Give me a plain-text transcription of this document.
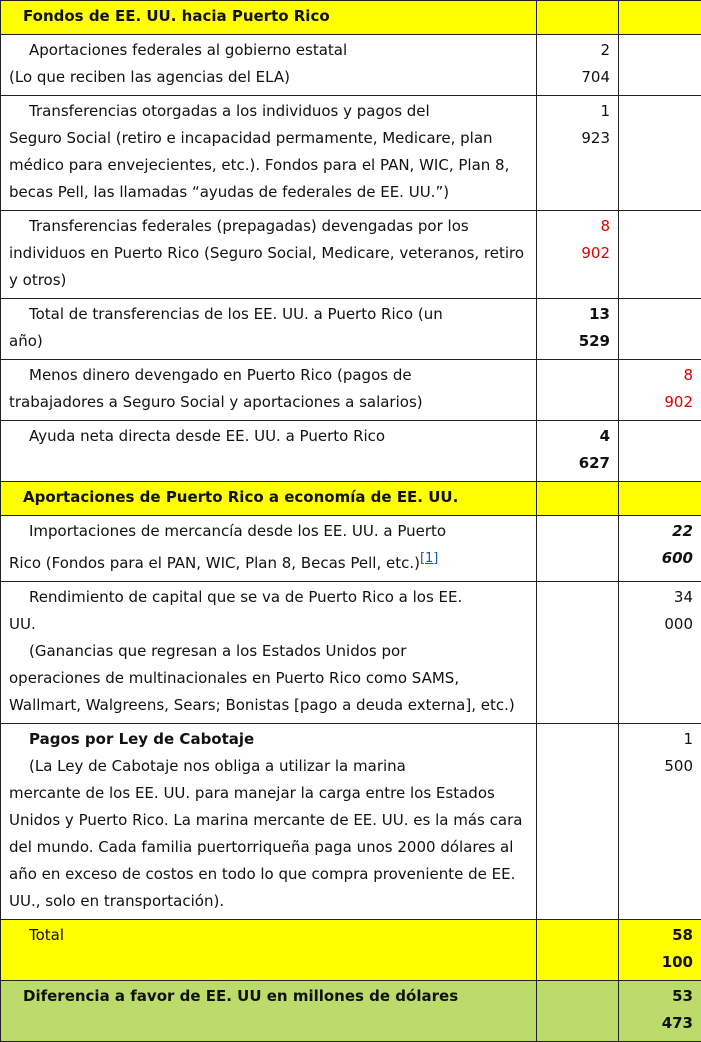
Fondos de EE. UU. hacia Puerto Rico		

Aportaciones federales al gobierno estatal
(Lo que reciben las agencias del ELA)	2
704	

Transferencias otorgadas a los individuos y pagos del
Seguro Social (retiro e incapacidad permamente, Medicare, plan médico para envejecientes, etc.). Fondos para el PAN, WIC, Plan 8, becas Pell, las llamadas “ayudas de federales de EE. UU.”)	1
923	

Transferencias federales (prepagadas) devengadas por los
individuos en Puerto Rico (Seguro Social, Medicare, veteranos, retiro y otros)	8
902	

Total de transferencias de los EE. UU. a Puerto Rico (un
año)	13
529	

Menos dinero devengado en Puerto Rico (pagos de
trabajadores a Seguro Social y aportaciones a salarios)		8
902

Ayuda neta directa desde EE. UU. a Puerto Rico	4
627	

Aportaciones de Puerto Rico a economía de EE. UU.		

Importaciones de mercancía desde los EE. UU. a Puerto
Rico (Fondos para el PAN, WIC, Plan 8, Becas Pell, etc.)[1]		22
600

Rendimiento de capital que se va de Puerto Rico a los EE.
UU.
(Ganancias que regresan a los Estados Unidos por
operaciones de multinacionales en Puerto Rico como SAMS, Wallmart, Walgreens, Sears; Bonistas [pago a deuda externa], etc.)		34
000

Pagos por Ley de Cabotaje
(La Ley de Cabotaje nos obliga a utilizar la marina
mercante de los EE. UU. para manejar la carga entre los Estados Unidos y Puerto Rico. La marina mercante de EE. UU. es la más cara del mundo. Cada familia puertorriqueña paga unos 2000 dólares al año en exceso de costos en todo lo que compra proveniente de EE. UU., solo en transportación).		1
500

Total		58
100

Diferencia a favor de EE. UU en millones de dólares		53
473
